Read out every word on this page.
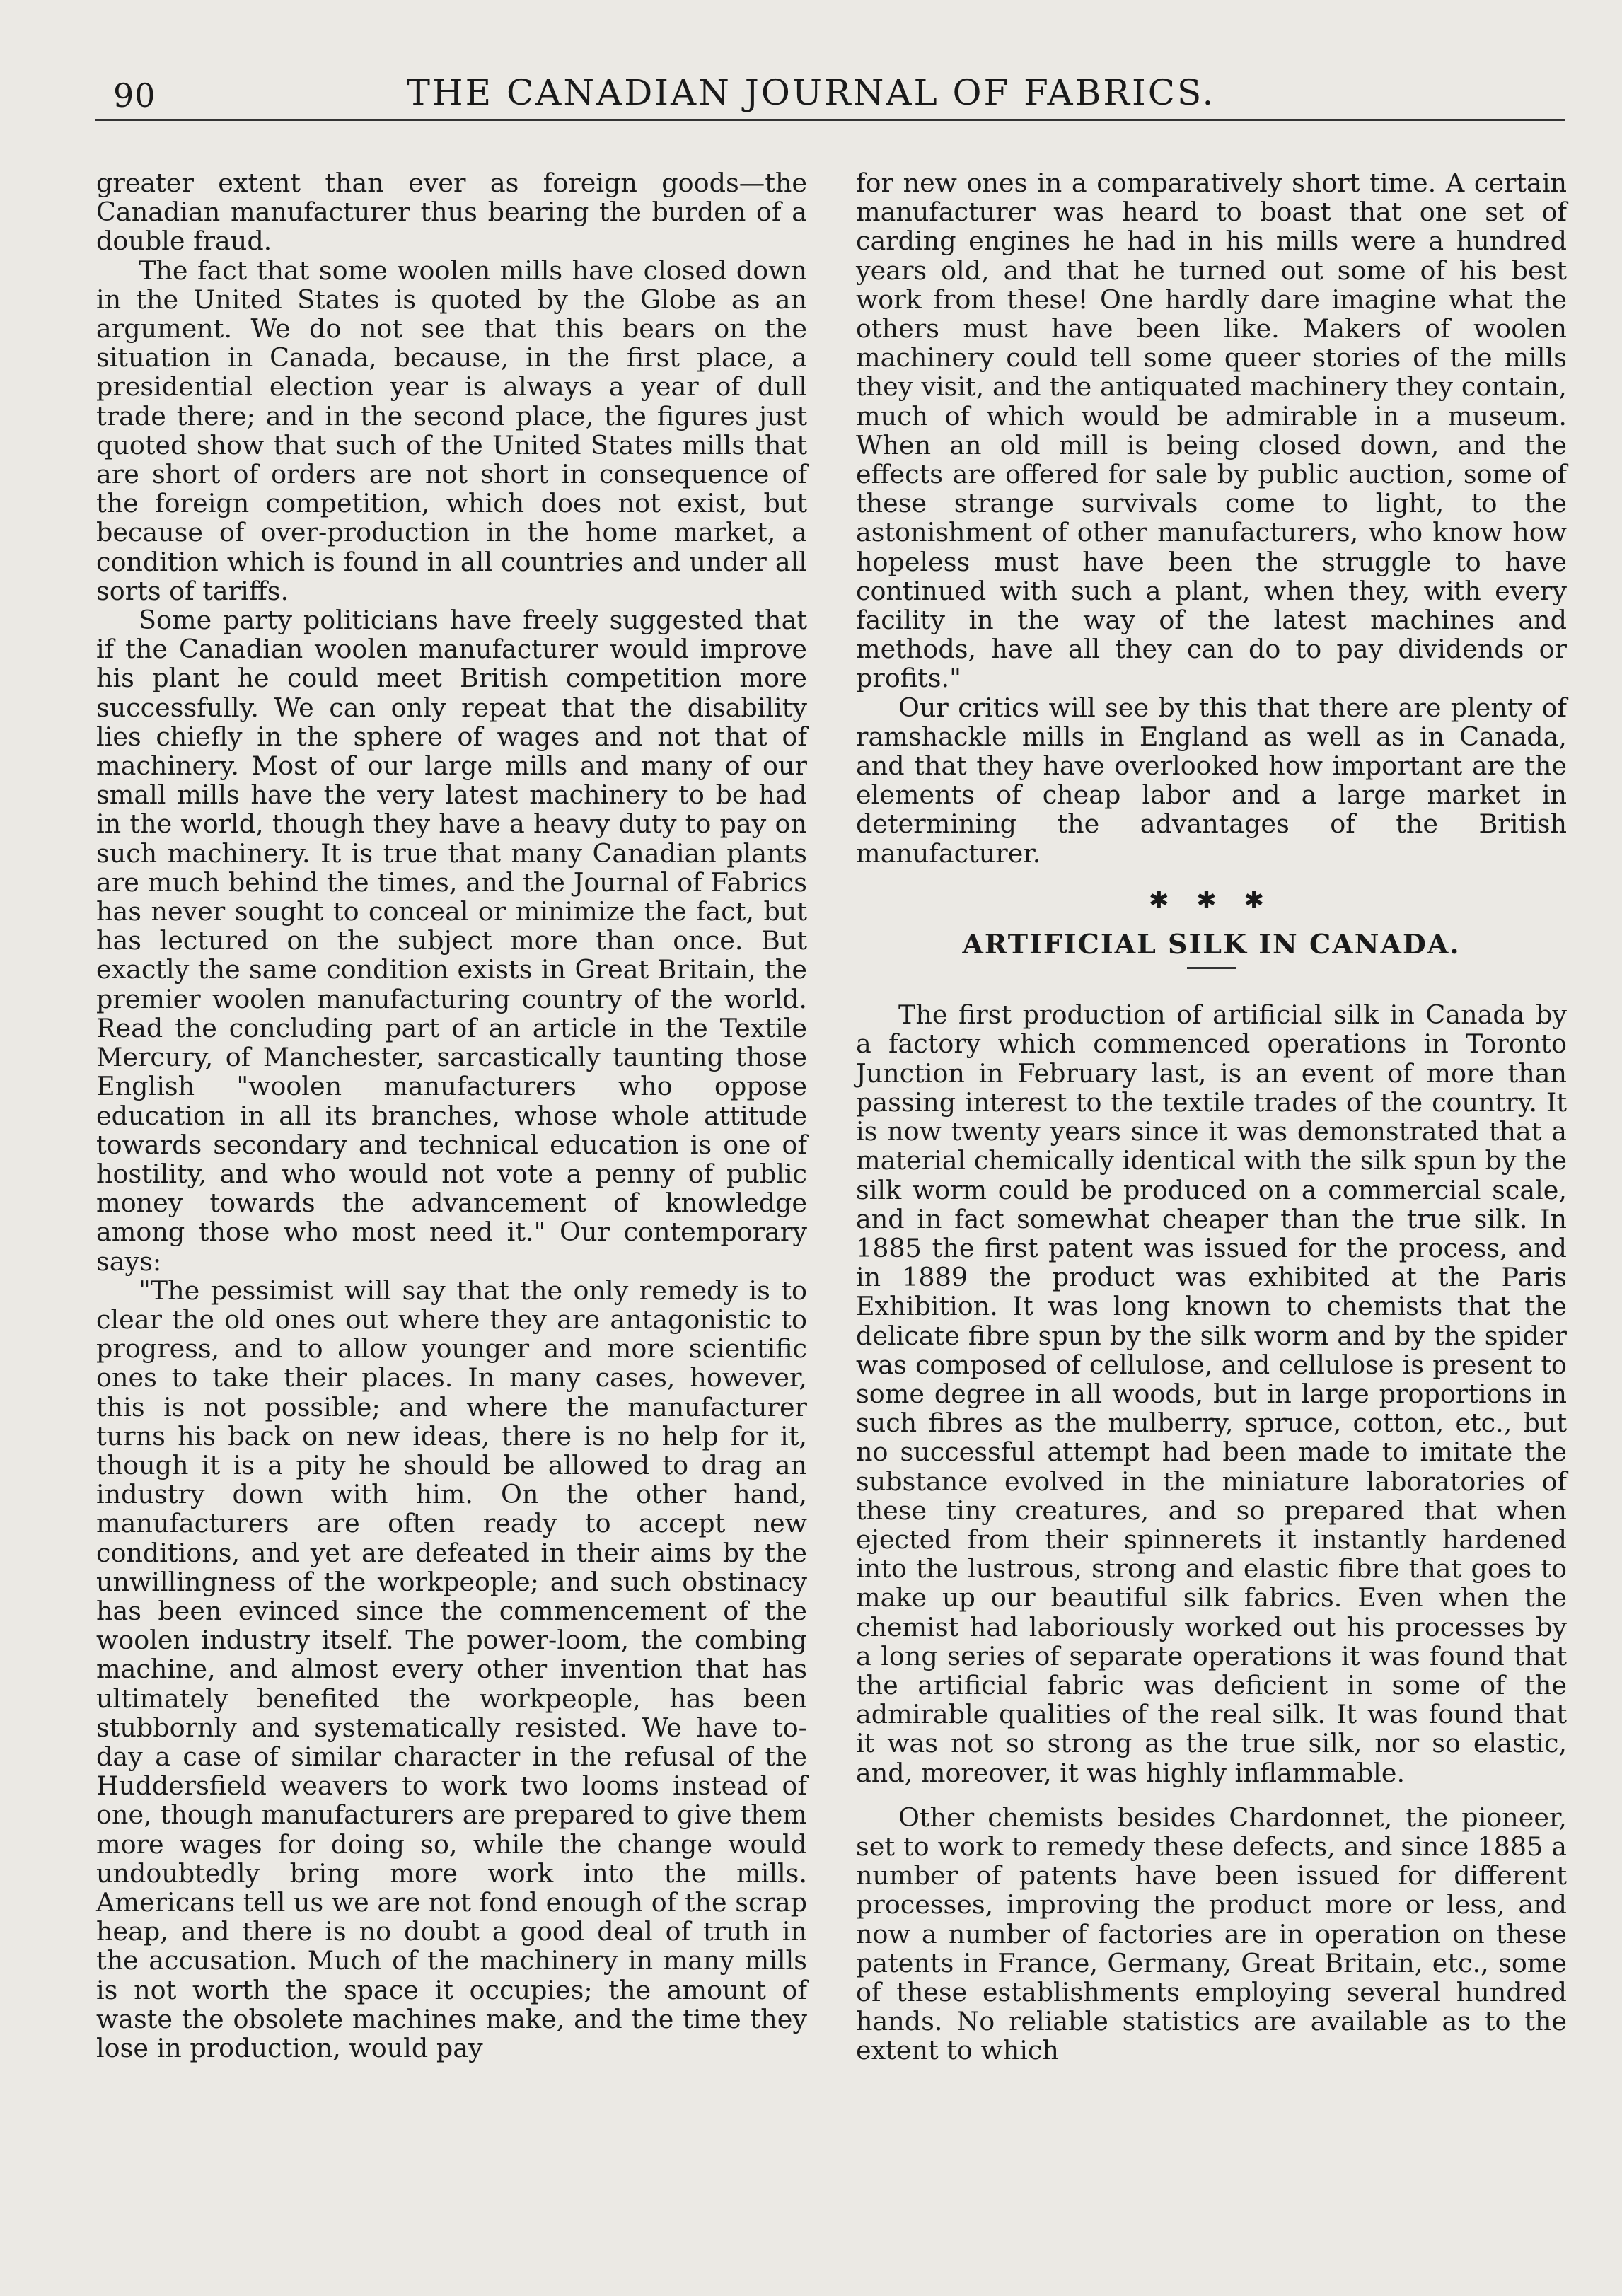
90	THE CANADIAN JOURNAL OF FABRICS.

greater extent than ever as foreign goods—the Canadian manufacturer thus bearing the burden of a double fraud.

The fact that some woolen mills have closed down in the United States is quoted by the Globe as an argument. We do not see that this bears on the situation in Canada, because, in the first place, a presidential election year is always a year of dull trade there; and in the second place, the figures just quoted show that such of the United States mills that are short of orders are not short in consequence of the foreign competition, which does not exist, but because of over-production in the home market, a condition which is found in all countries and under all sorts of tariffs.

Some party politicians have freely suggested that if the Canadian woolen manufacturer would improve his plant he could meet British competition more successfully. We can only repeat that the disability lies chiefly in the sphere of wages and not that of machinery. Most of our large mills and many of our small mills have the very latest machinery to be had in the world, though they have a heavy duty to pay on such machinery. It is true that many Canadian plants are much behind the times, and the Journal of Fabrics has never sought to conceal or minimize the fact, but has lectured on the subject more than once. But exactly the same condition exists in Great Britain, the premier woolen manufacturing country of the world. Read the concluding part of an article in the Textile Mercury, of Manchester, sarcastically taunting those English "woolen manufacturers who oppose education in all its branches, whose whole attitude towards secondary and technical education is one of hostility, and who would not vote a penny of public money towards the advancement of knowledge among those who most need it." Our contemporary says:

"The pessimist will say that the only remedy is to clear the old ones out where they are antagonistic to progress, and to allow younger and more scientific ones to take their places. In many cases, however, this is not possible; and where the manufacturer turns his back on new ideas, there is no help for it, though it is a pity he should be allowed to drag an industry down with him. On the other hand, manufacturers are often ready to accept new conditions, and yet are defeated in their aims by the unwillingness of the workpeople; and such obstinacy has been evinced since the commencement of the woolen industry itself. The power-loom, the combing machine, and almost every other invention that has ultimately benefited the workpeople, has been stubbornly and systematically resisted. We have to-day a case of similar character in the refusal of the Huddersfield weavers to work two looms instead of one, though manufacturers are prepared to give them more wages for doing so, while the change would undoubtedly bring more work into the mills. Americans tell us we are not fond enough of the scrap heap, and there is no doubt a good deal of truth in the accusation. Much of the machinery in many mills is not worth the space it occupies; the amount of waste the obsolete machines make, and the time they lose in production, would pay

for new ones in a comparatively short time. A certain manufacturer was heard to boast that one set of carding engines he had in his mills were a hundred years old, and that he turned out some of his best work from these! One hardly dare imagine what the others must have been like. Makers of woolen machinery could tell some queer stories of the mills they visit, and the antiquated machinery they contain, much of which would be admirable in a museum. When an old mill is being closed down, and the effects are offered for sale by public auction, some of these strange survivals come to light, to the astonishment of other manufacturers, who know how hopeless must have been the struggle to have continued with such a plant, when they, with every facility in the way of the latest machines and methods, have all they can do to pay dividends or profits."

Our critics will see by this that there are plenty of ramshackle mills in England as well as in Canada, and that they have overlooked how important are the elements of cheap labor and a large market in determining the advantages of the British manufacturer.

✱ ✱ ✱
ARTIFICIAL SILK IN CANADA.

The first production of artificial silk in Canada by a factory which commenced operations in Toronto Junction in February last, is an event of more than passing interest to the textile trades of the country. It is now twenty years since it was demonstrated that a material chemically identical with the silk spun by the silk worm could be produced on a commercial scale, and in fact somewhat cheaper than the true silk. In 1885 the first patent was issued for the process, and in 1889 the product was exhibited at the Paris Exhibition. It was long known to chemists that the delicate fibre spun by the silk worm and by the spider was composed of cellulose, and cellulose is present to some degree in all woods, but in large proportions in such fibres as the mulberry, spruce, cotton, etc., but no successful attempt had been made to imitate the substance evolved in the miniature laboratories of these tiny creatures, and so prepared that when ejected from their spinnerets it instantly hardened into the lustrous, strong and elastic fibre that goes to make up our beautiful silk fabrics. Even when the chemist had laboriously worked out his processes by a long series of separate operations it was found that the artificial fabric was deficient in some of the admirable qualities of the real silk. It was found that it was not so strong as the true silk, nor so elastic, and, moreover, it was highly inflammable.

Other chemists besides Chardonnet, the pioneer, set to work to remedy these defects, and since 1885 a number of patents have been issued for different processes, improving the product more or less, and now a number of factories are in operation on these patents in France, Germany, Great Britain, etc., some of these establishments employing several hundred hands. No reliable statistics are available as to the extent to which
